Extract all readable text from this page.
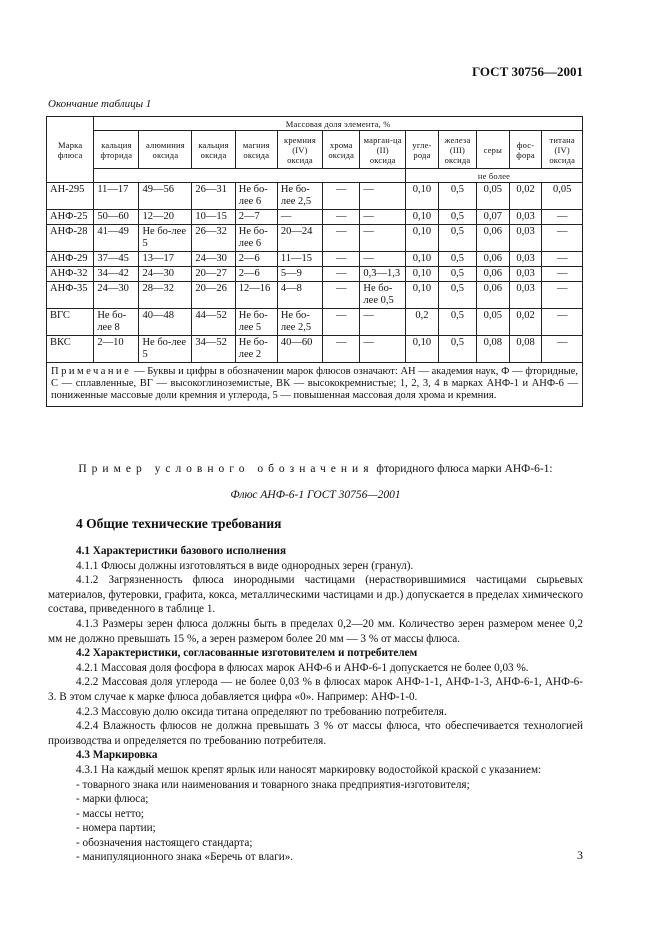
ГОСТ 30756—2001
Окончание таблицы 1
Марка флюса	Массовая доля элемента, %											
	кальция фторида	алюминия оксида	кальция оксида	магния оксида	кремния (IV) оксида	хрома оксида	марган-ца (II) оксида	угле-рода	железа (III) оксида	серы	фос-фора	титана (IV) оксида
								не более				
АН-295	11—17	49—56	26—31	Не бо-лее 6	Не бо-лее 2,5	—	—	0,10	0,5	0,05	0,02	0,05
АНФ-25	50—60	12—20	10—15	2—7	—	—	—	0,10	0,5	0,07	0,03	—
АНФ-28	41—49	Не бо-лее 5	26—32	Не бо-лее 6	20—24	—	—	0,10	0,5	0,06	0,03	—
АНФ-29	37—45	13—17	24—30	2—6	11—15	—	—	0,10	0,5	0,06	0,03	—
АНФ-32	34—42	24—30	20—27	2—6	5—9	—	0,3—1,3	0,10	0,5	0,06	0,03	—
АНФ-35	24—30	28—32	20—26	12—16	4—8	—	Не бо-лее 0,5	0,10	0,5	0,06	0,03	—
ВГС	Не бо-лее 8	40—48	44—52	Не бо-лее 5	Не бо-лее 2,5	—	—	0,2	0,5	0,05	0,02	—
ВКС	2—10	Не бо-лее 5	34—52	Не бо-лее 2	40—60	—	—	0,10	0,5	0,08	0,08	—
Примечание — Буквы и цифры в обозначении марок флюсов означают: АН — академия наук, Ф — фторидные, С — сплавленные, ВГ — высокоглиноземистые, ВК — высококремнистые; 1, 2, 3, 4 в марках АНФ-1 и АНФ-6 — пониженные массовые доли кремния и углерода, 5 — повышенная массовая доля хрома и кремния.												
Пример условного обозначения фторидного флюса марки АНФ-6-1:
Флюс АНФ-6-1 ГОСТ 30756—2001
4 Общие технические требования
4.1 Характеристики базового исполнения
4.1.1 Флюсы должны изготовляться в виде однородных зерен (гранул).
4.1.2 Загрязненность флюса инородными частицами (нерастворившимися частицами сырьевых материалов, футеровки, графита, кокса, металлическими частицами и др.) допускается в пределах химического состава, приведенного в таблице 1.
4.1.3 Размеры зерен флюса должны быть в пределах 0,2—20 мм. Количество зерен размером менее 0,2 мм не должно превышать 15 %, а зерен размером более 20 мм — 3 % от массы флюса.
4.2 Характеристики, согласованные изготовителем и потребителем
4.2.1 Массовая доля фосфора в флюсах марок АНФ-6 и АНФ-6-1 допускается не более 0,03 %.
4.2.2 Массовая доля углерода — не более 0,03 % в флюсах марок АНФ-1-1, АНФ-1-3, АНФ-6-1, АНФ-6-3. В этом случае к марке флюса добавляется цифра «0». Например: АНФ-1-0.
4.2.3 Массовую долю оксида титана определяют по требованию потребителя.
4.2.4 Влажность флюсов не должна превышать 3 % от массы флюса, что обеспечивается технологией производства и определяется по требованию потребителя.
4.3 Маркировка
4.3.1 На каждый мешок крепят ярлык или наносят маркировку водостойкой краской с указанием:
- товарного знака или наименования и товарного знака предприятия-изготовителя;
- марки флюса;
- массы нетто;
- номера партии;
- обозначения настоящего стандарта;
- манипуляционного знака «Беречь от влаги».	3
